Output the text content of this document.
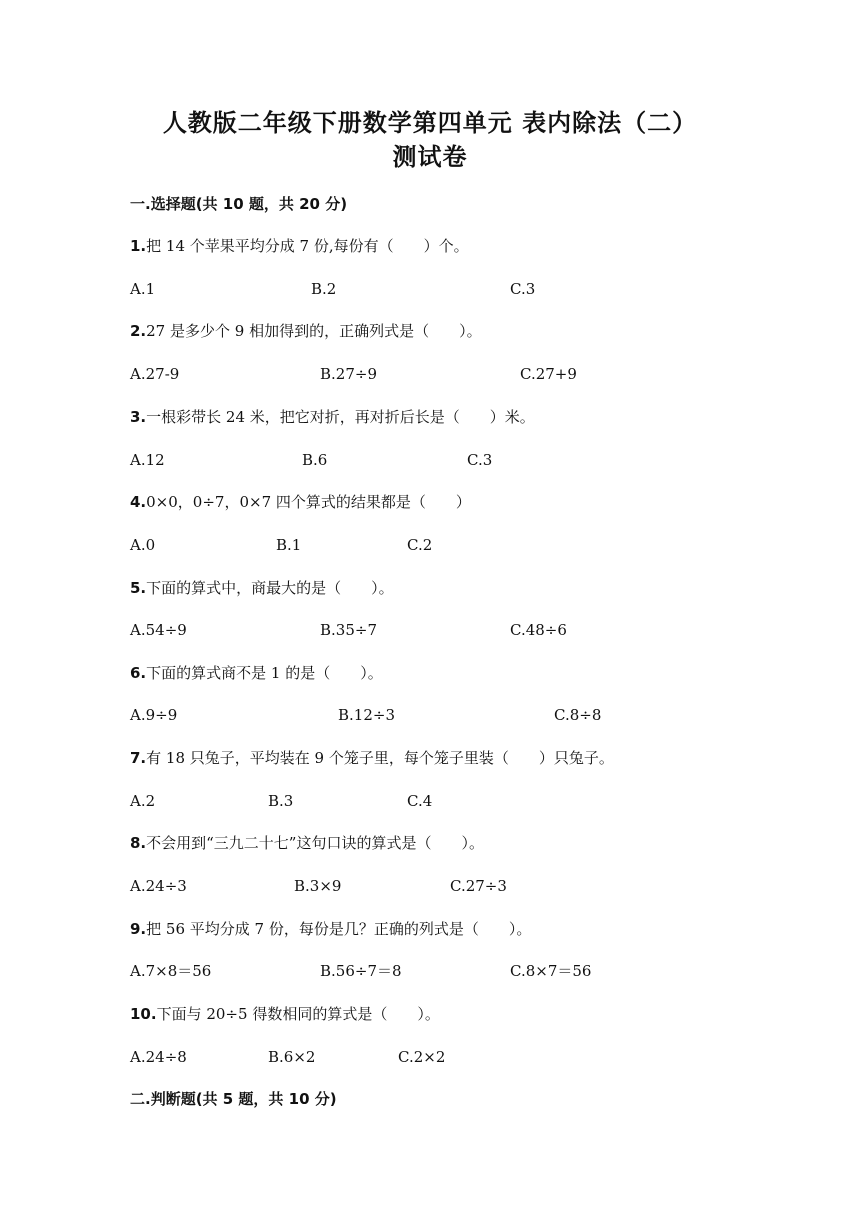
人教版二年级下册数学第四单元 表内除法（二）
测试卷
一.选择题(共 10 题，共 20 分)
1.把 14 个苹果平均分成 7 份,每份有（　　）个。
A.1	B.2	C.3
2.27 是多少个 9 相加得到的，正确列式是（　　）。
A.27-9	B.27÷9	C.27+9
3.一根彩带长 24 米，把它对折，再对折后长是（　　）米。
A.12	B.6	C.3
4.0×0，0÷7，0×7 四个算式的结果都是（　　）
A.0	B.1	C.2
5.下面的算式中，商最大的是（　　）。
A.54÷9	B.35÷7	C.48÷6
6.下面的算式商不是 1 的是（　　）。
A.9÷9	B.12÷3	C.8÷8
7.有 18 只兔子，平均装在 9 个笼子里，每个笼子里装（　　）只兔子。
A.2	B.3	C.4
8.不会用到“三九二十七”这句口诀的算式是（　　）。
A.24÷3	B.3×9	C.27÷3
9.把 56 平均分成 7 份，每份是几？正确的列式是（　　）。
A.7×8＝56	B.56÷7＝8	C.8×7＝56
10.下面与 20÷5 得数相同的算式是（　　）。
A.24÷8	B.6×2	C.2×2
二.判断题(共 5 题，共 10 分)
